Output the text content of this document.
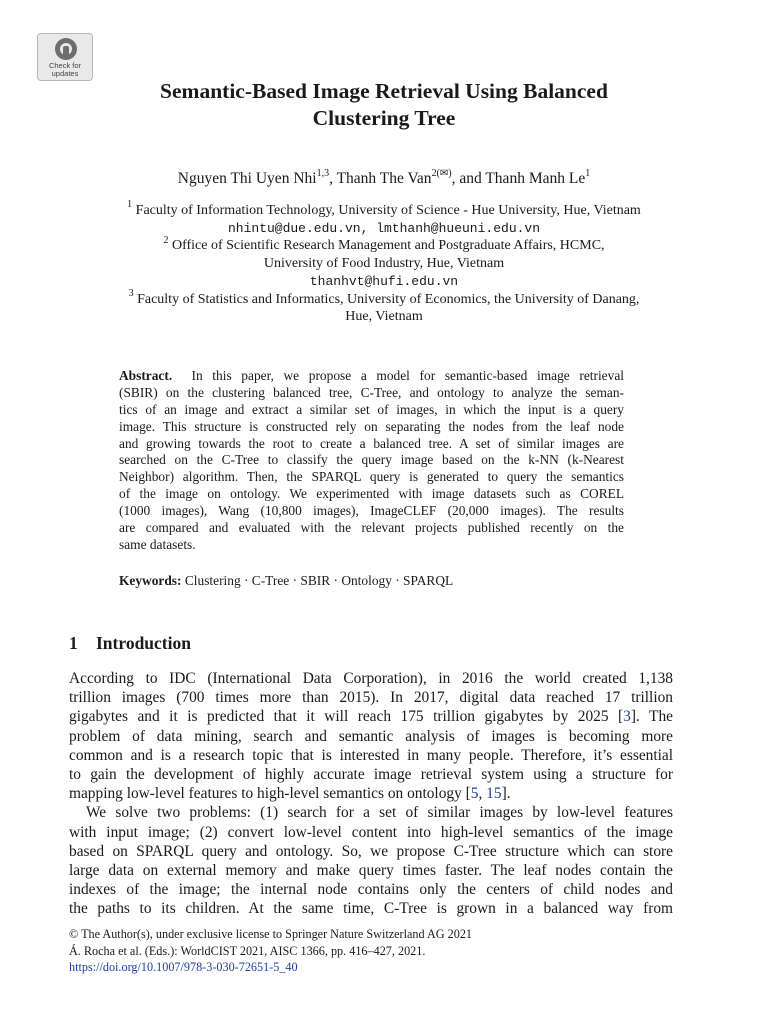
Check for
updates
Semantic-Based Image Retrieval Using Balanced
Clustering Tree
Nguyen Thi Uyen Nhi$^{1,3}$, Thanh The Van$^{2(✉)}$, and Thanh Manh Le$^1$
$^1$ Faculty of Information Technology, University of Science - Hue University, Hue, Vietnam
nhintu@due.edu.vn, lmthanh@hueuni.edu.vn
$^2$ Office of Scientific Research Management and Postgraduate Affairs, HCMC,
University of Food Industry, Hue, Vietnam
thanhvt@hufi.edu.vn
$^3$ Faculty of Statistics and Informatics, University of Economics, the University of Danang,
Hue, Vietnam
Abstract. In this paper, we propose a model for semantic-based image retrieval
(SBIR) on the clustering balanced tree, C-Tree, and ontology to analyze the seman-
tics of an image and extract a similar set of images, in which the input is a query
image. This structure is constructed rely on separating the nodes from the leaf node
and growing towards the root to create a balanced tree. A set of similar images are
searched on the C-Tree to classify the query image based on the k-NN (k-Nearest
Neighbor) algorithm. Then, the SPARQL query is generated to query the semantics
of the image on ontology. We experimented with image datasets such as COREL
(1000 images), Wang (10,800 images), ImageCLEF (20,000 images). The results
are compared and evaluated with the relevant projects published recently on the
same datasets.
Keywords: Clustering · C-Tree · SBIR · Ontology · SPARQL
1 Introduction
According to IDC (International Data Corporation), in 2016 the world created 1,138
trillion images (700 times more than 2015). In 2017, digital data reached 17 trillion
gigabytes and it is predicted that it will reach 175 trillion gigabytes by 2025 [3]. The
problem of data mining, search and semantic analysis of images is becoming more
common and is a research topic that is interested in many people. Therefore, it’s essential
to gain the development of highly accurate image retrieval system using a structure for
mapping low-level features to high-level semantics on ontology [5, 15].
We solve two problems: (1) search for a set of similar images by low-level features
with input image; (2) convert low-level content into high-level semantics of the image
based on SPARQL query and ontology. So, we propose C-Tree structure which can store
large data on external memory and make query times faster. The leaf nodes contain the
indexes of the image; the internal node contains only the centers of child nodes and
the paths to its children. At the same time, C-Tree is grown in a balanced way from
© The Author(s), under exclusive license to Springer Nature Switzerland AG 2021
Á. Rocha et al. (Eds.): WorldCIST 2021, AISC 1366, pp. 416–427, 2021.
https://doi.org/10.1007/978-3-030-72651-5_40
